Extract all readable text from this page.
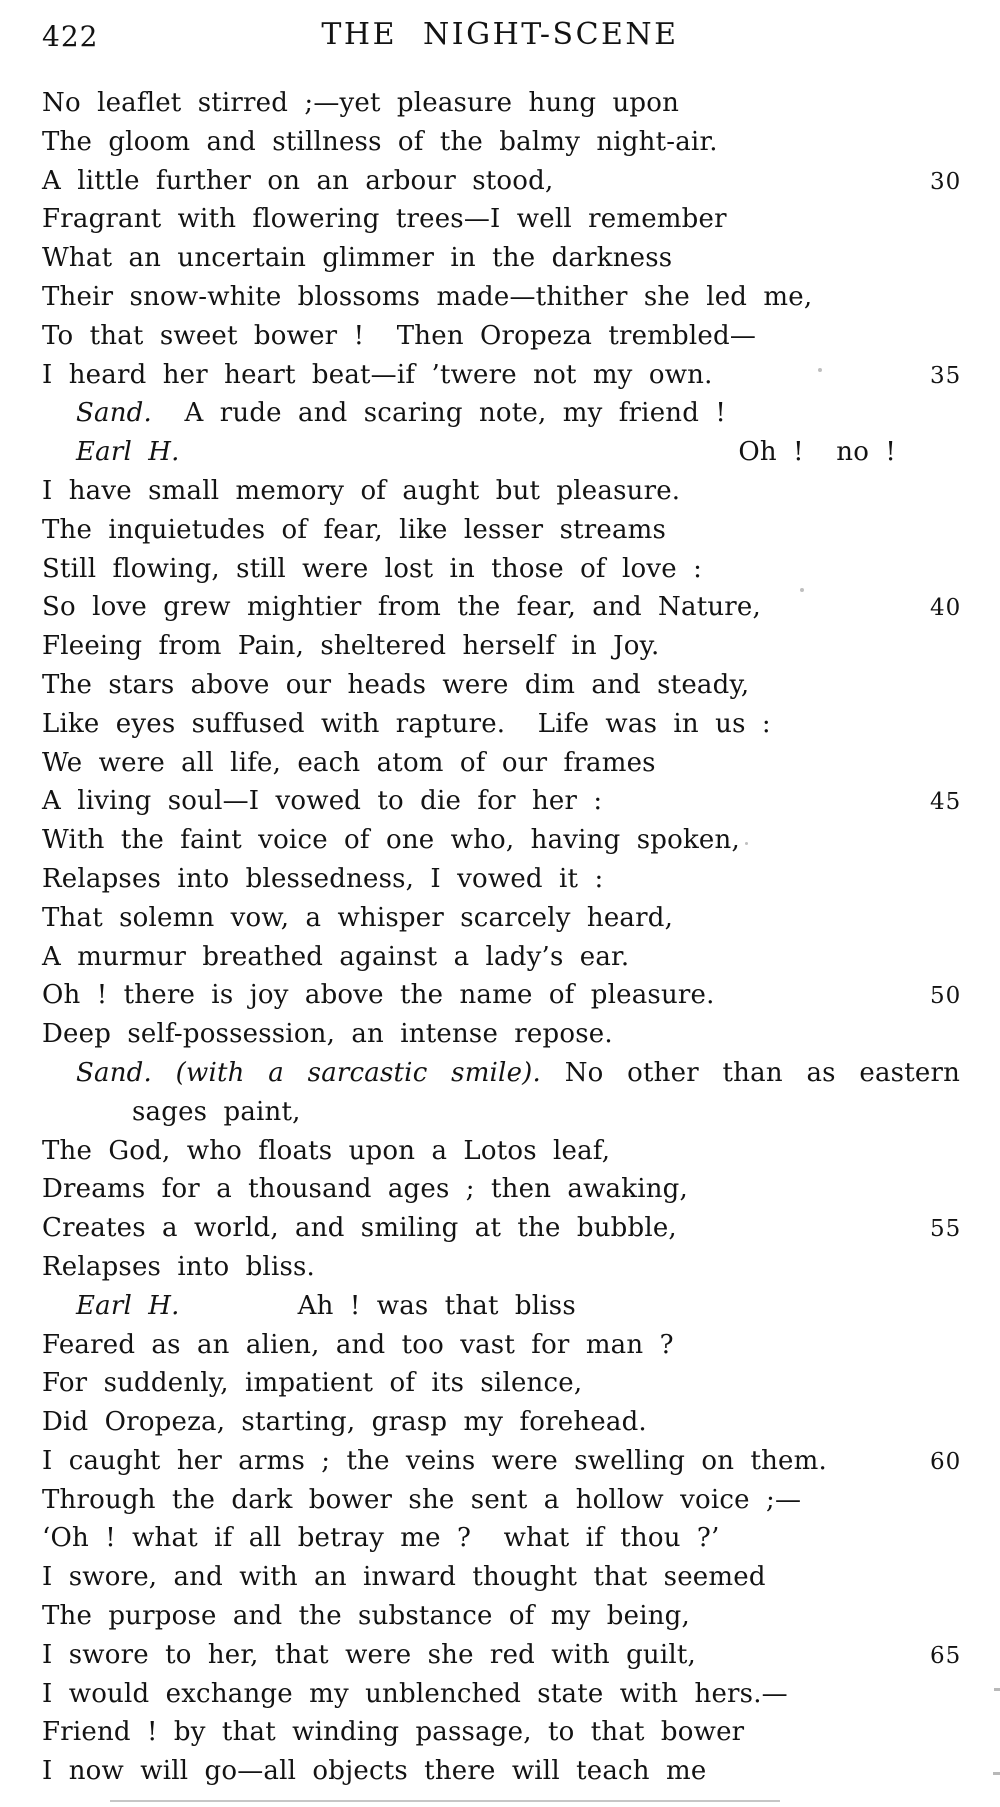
422	THE NIGHT-SCENE
No leaflet stirred ;—yet pleasure hung upon
The gloom and stillness of the balmy night-air.
A little further on an arbour stood,	30
Fragrant with flowering trees—I well remember
What an uncertain glimmer in the darkness
Their snow-white blossoms made—thither she led me,
To that sweet bower !  Then Oropeza trembled—
I heard her heart beat—if ’twere not my own.	35
Sand.  A rude and scaring note, my friend !
Earl H.	Oh !  no !
I have small memory of aught but pleasure.
The inquietudes of fear, like lesser streams
Still flowing, still were lost in those of love :
So love grew mightier from the fear, and Nature,	40
Fleeing from Pain, sheltered herself in Joy.
The stars above our heads were dim and steady,
Like eyes suffused with rapture.  Life was in us :
We were all life, each atom of our frames
A living soul—I vowed to die for her :	45
With the faint voice of one who, having spoken,
Relapses into blessedness, I vowed it :
That solemn vow, a whisper scarcely heard,
A murmur breathed against a lady’s ear.
Oh ! there is joy above the name of pleasure.	50
Deep self-possession, an intense repose.
Sand. (with a sarcastic smile). No other than as eastern
sages paint,
The God, who floats upon a Lotos leaf,
Dreams for a thousand ages ; then awaking,
Creates a world, and smiling at the bubble,	55
Relapses into bliss.
Earl H.	Ah ! was that bliss
Feared as an alien, and too vast for man ?
For suddenly, impatient of its silence,
Did Oropeza, starting, grasp my forehead.
I caught her arms ; the veins were swelling on them.	60
Through the dark bower she sent a hollow voice ;—
‘Oh ! what if all betray me ?  what if thou ?’
I swore, and with an inward thought that seemed
The purpose and the substance of my being,
I swore to her, that were she red with guilt,	65
I would exchange my unblenched state with hers.—
Friend ! by that winding passage, to that bower
I now will go—all objects there will teach me
